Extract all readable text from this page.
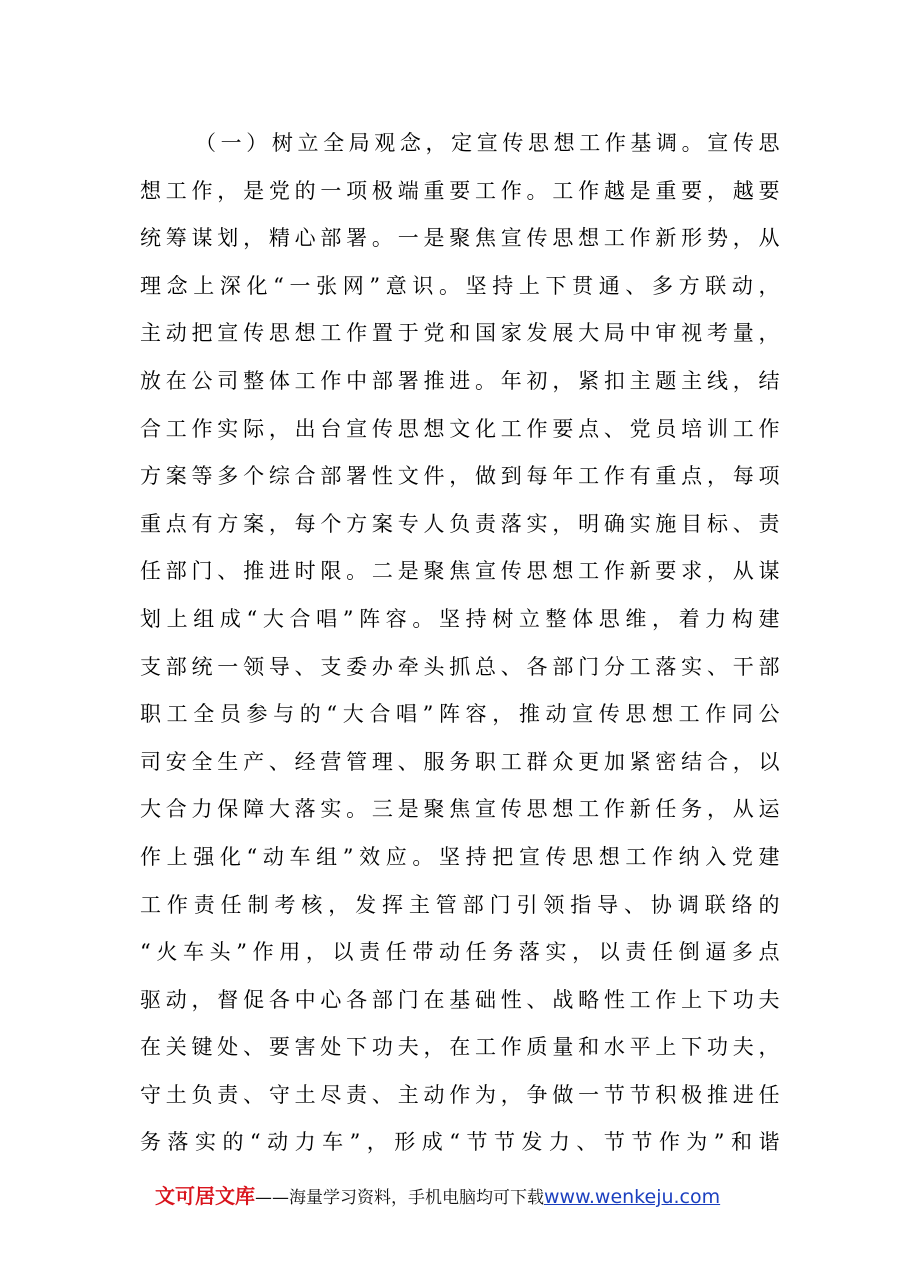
（一）树立全局观念，定宣传思想工作基调。宣传思
想工作，是党的一项极端重要工作。工作越是重要，越要
统筹谋划，精心部署。一是聚焦宣传思想工作新形势，从
理念上深化“一张网”意识。坚持上下贯通、多方联动，
主动把宣传思想工作置于党和国家发展大局中审视考量，
放在公司整体工作中部署推进。年初，紧扣主题主线，结
合工作实际，出台宣传思想文化工作要点、党员培训工作
方案等多个综合部署性文件，做到每年工作有重点，每项
重点有方案，每个方案专人负责落实，明确实施目标、责
任部门、推进时限。二是聚焦宣传思想工作新要求，从谋
划上组成“大合唱”阵容。坚持树立整体思维，着力构建
支部统一领导、支委办牵头抓总、各部门分工落实、干部
职工全员参与的“大合唱”阵容，推动宣传思想工作同公
司安全生产、经营管理、服务职工群众更加紧密结合，以
大合力保障大落实。三是聚焦宣传思想工作新任务，从运
作上强化“动车组”效应。坚持把宣传思想工作纳入党建
工作责任制考核，发挥主管部门引领指导、协调联络的
“火车头”作用，以责任带动任务落实，以责任倒逼多点
驱动，督促各中心各部门在基础性、战略性工作上下功夫
在关键处、要害处下功夫，在工作质量和水平上下功夫，
守土负责、守土尽责、主动作为，争做一节节积极推进任
务落实的“动力车”，形成“节节发力、节节作为”和谐
文可居文库——海量学习资料，手机电脑均可下载www.wenkeju.com
